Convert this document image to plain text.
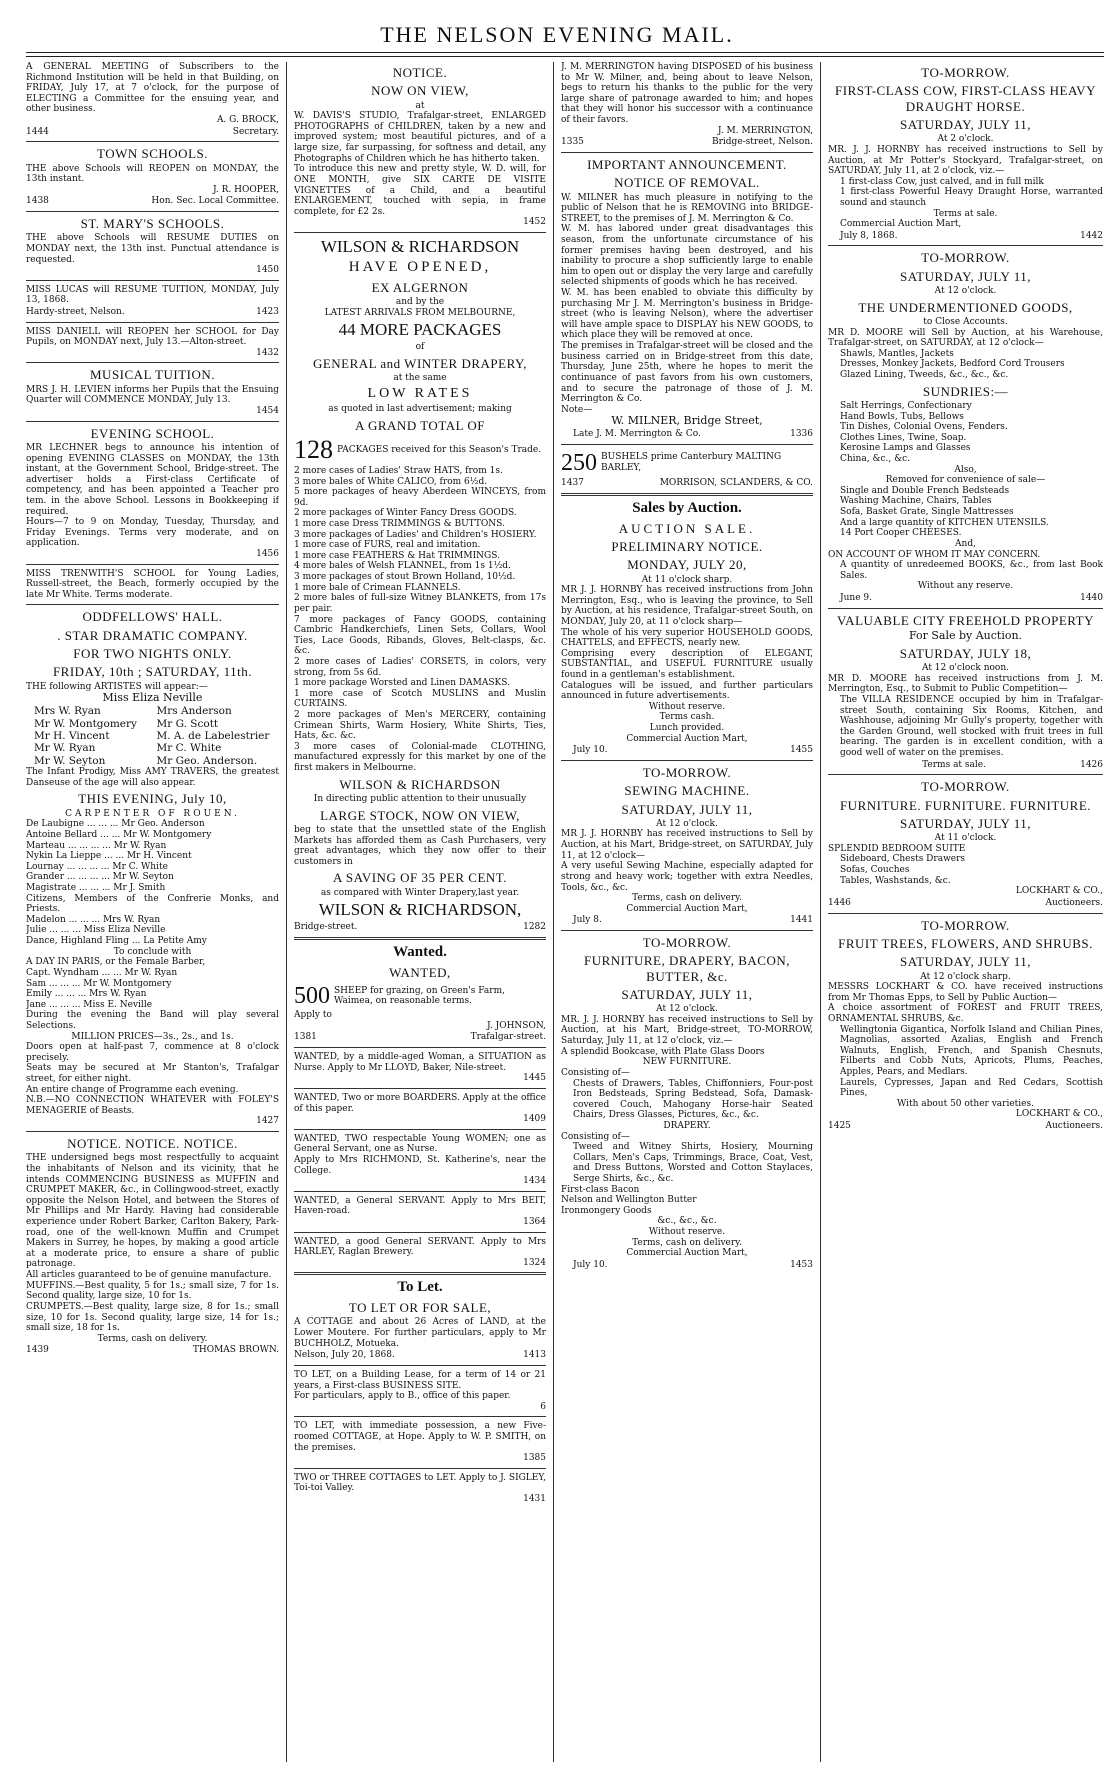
THE NELSON EVENING MAIL.

A GENERAL MEETING of Subscribers to the Richmond Institution will be held in that Building, on FRIDAY, July 17, at 7 o'clock, for the purpose of ELECTING a Committee for the ensuing year, and other business.

A. G. BROCK,

1444	Secretary.
TOWN SCHOOLS.

THE above Schools will REOPEN on MONDAY, the 13th instant.

J. R. HOOPER,

1438	Hon. Sec. Local Committee.
ST. MARY'S SCHOOLS.

THE above Schools will RESUME DUTIES on MONDAY next, the 13th inst. Punctual attendance is requested.

1450

MISS LUCAS will RESUME TUITION, MONDAY, July 13, 1868.

Hardy-street, Nelson.	1423

MISS DANIELL will REOPEN her SCHOOL for Day Pupils, on MONDAY next, July 13.—Alton-street.

1432

MUSICAL TUITION.

MRS J. H. LEVIEN informs her Pupils that the Ensuing Quarter will COMMENCE MONDAY, July 13.

1454

EVENING SCHOOL.

MR LECHNER begs to announce his intention of opening EVENING CLASSES on MONDAY, the 13th instant, at the Government School, Bridge-street. The advertiser holds a First-class Certificate of competency, and has been appointed a Teacher pro tem. in the above School. Lessons in Bookkeeping if required.

Hours—7 to 9 on Monday, Tuesday, Thursday, and Friday Evenings. Terms very moderate, and on application.

1456

MISS TRENWITH'S SCHOOL for Young Ladies, Russell-street, the Beach, formerly occupied by the late Mr White. Terms moderate.

ODDFELLOWS' HALL.
. STAR DRAMATIC COMPANY.
FOR TWO NIGHTS ONLY.
FRIDAY, 10th ; SATURDAY, 11th.

THE following ARTISTES will appear:—

Miss Eliza Neville

Mrs W. Ryan	Mrs Anderson
Mr W. Montgomery	Mr G. Scott
Mr H. Vincent	M. A. de Labelestrier
Mr W. Ryan	Mr C. White
Mr W. Seyton	Mr Geo. Anderson.

The Infant Prodigy, Miss AMY TRAVERS, the greatest Danseuse of the age will also appear.

THIS EVENING, July 10,

CARPENTER OF ROUEN.

De Laubigne ... ... ... Mr Geo. Anderson

Antoine Bellard ... ... Mr W. Montgomery

Marteau ... ... ... ... Mr W. Ryan

Nykin La Lieppe ... ... Mr H. Vincent

Lournay ... ... ... ... Mr C. White

Grander ... ... ... ... Mr W. Seyton

Magistrate ... ... ... Mr J. Smith

Citizens, Members of the Confrerie Monks, and Priests.

Madelon ... ... ... Mrs W. Ryan

Julie ... ... ... Miss Eliza Neville

Dance, Highland Fling ... La Petite Amy

To conclude with

A DAY IN PARIS, or the Female Barber,

Capt. Wyndham ... ... Mr W. Ryan

Sam ... ... ... Mr W. Montgomery

Emily ... ... ... Mrs W. Ryan

Jane ... ... ... Miss E. Neville

During the evening the Band will play several Selections.

MILLION PRICES—3s., 2s., and 1s.

Doors open at half-past 7, commence at 8 o'clock precisely.

Seats may be secured at Mr Stanton's, Trafalgar street, for either night.

An entire change of Programme each evening.

N.B.—NO CONNECTION WHATEVER with FOLEY'S MENAGERIE of Beasts.

1427

NOTICE. NOTICE. NOTICE.

THE undersigned begs most respectfully to acquaint the inhabitants of Nelson and its vicinity, that he intends COMMENCING BUSINESS as MUFFIN and CRUMPET MAKER, &c., in Collingwood-street, exactly opposite the Nelson Hotel, and between the Stores of Mr Phillips and Mr Hardy. Having had considerable experience under Robert Barker, Carlton Bakery, Park-road, one of the well-known Muffin and Crumpet Makers in Surrey, he hopes, by making a good article at a moderate price, to ensure a share of public patronage.

All articles guaranteed to be of genuine manufacture.

MUFFINS.—Best quality, 5 for 1s.; small size, 7 for 1s. Second quality, large size, 10 for 1s.

CRUMPETS.—Best quality, large size, 8 for 1s.; small size, 10 for 1s. Second quality, large size, 14 for 1s.; small size, 18 for 1s.

Terms, cash on delivery.

1439	THOMAS BROWN.
NOTICE.
NOW ON VIEW,

at

W. DAVIS'S STUDIO, Trafalgar-street, ENLARGED PHOTOGRAPHS of CHILDREN, taken by a new and improved system; most beautiful pictures, and of a large size, far surpassing, for softness and detail, any Photographs of Children which he has hitherto taken.

To introduce this new and pretty style, W. D. will, for ONE MONTH, give SIX CARTE DE VISITE VIGNETTES of a Child, and a beautiful ENLARGEMENT, touched with sepia, in frame complete, for £2 2s.

1452

WILSON & RICHARDSON
HAVE OPENED,
EX ALGERNON

and by the

LATEST ARRIVALS FROM MELBOURNE,

44 MORE PACKAGES

of

GENERAL and WINTER DRAPERY,

at the same

LOW RATES

as quoted in last advertisement; making

A GRAND TOTAL OF
128 PACKAGES received for this Season's Trade.

2 more cases of Ladies' Straw HATS, from 1s.

3 more bales of White CALICO, from 6½d.

5 more packages of heavy Aberdeen WINCEYS, from 9d.

2 more packages of Winter Fancy Dress GOODS.

1 more case Dress TRIMMINGS & BUTTONS.

3 more packages of Ladies' and Children's HOSIERY.

1 more case of FURS, real and imitation.

1 more case FEATHERS & Hat TRIMMINGS.

4 more bales of Welsh FLANNEL, from 1s 1½d.

3 more packages of stout Brown Holland, 10½d.

1 more bale of Crimean FLANNELS.

2 more bales of full-size Witney BLANKETS, from 17s per pair.

7 more packages of Fancy GOODS, containing Cambric Handkerchiefs, Linen Sets, Collars, Wool Ties, Lace Goods, Ribands, Gloves, Belt-clasps, &c. &c.

2 more cases of Ladies' CORSETS, in colors, very strong, from 5s 6d.

1 more package Worsted and Linen DAMASKS.

1 more case of Scotch MUSLINS and Muslin CURTAINS.

2 more packages of Men's MERCERY, containing Crimean Shirts, Warm Hosiery, White Shirts, Ties, Hats, &c. &c.

3 more cases of Colonial-made CLOTHING, manufactured expressly for this market by one of the first makers in Melbourne.

WILSON & RICHARDSON

In directing public attention to their unusually

LARGE STOCK, NOW ON VIEW,

beg to state that the unsettled state of the English Markets has afforded them as Cash Purchasers, very great advantages, which they now offer to their customers in

A SAVING OF 35 PER CENT.

as compared with Winter Drapery,last year.

WILSON & RICHARDSON,
Bridge-street.	1282
Wanted.
WANTED,
500 SHEEP for grazing, on Green's Farm, Waimea, on reasonable terms.

Apply to

J. JOHNSON,

1381	Trafalgar-street.

WANTED, by a middle-aged Woman, a SITUATION as Nurse. Apply to Mr LLOYD, Baker, Nile-street.

1445

WANTED, Two or more BOARDERS. Apply at the office of this paper.

1409

WANTED, TWO respectable Young WOMEN; one as General Servant, one as Nurse.

Apply to Mrs RICHMOND, St. Katherine's, near the College.

1434

WANTED, a General SERVANT. Apply to Mrs BEIT, Haven-road.

1364

WANTED, a good General SERVANT. Apply to Mrs HARLEY, Raglan Brewery.

1324

To Let.
TO LET OR FOR SALE,

A COTTAGE and about 26 Acres of LAND, at the Lower Moutere. For further particulars, apply to Mr BUCHHOLZ, Motueka.

Nelson, July 20, 1868.	1413

TO LET, on a Building Lease, for a term of 14 or 21 years, a First-class BUSINESS SITE.

For particulars, apply to B., office of this paper.

6

TO LET, with immediate possession, a new Five-roomed COTTAGE, at Hope. Apply to W. P. SMITH, on the premises.

1385

TWO or THREE COTTAGES to LET. Apply to J. SIGLEY, Toi-toi Valley.

1431

J. M. MERRINGTON having DISPOSED of his business to Mr W. Milner, and, being about to leave Nelson, begs to return his thanks to the public for the very large share of patronage awarded to him; and hopes that they will honor his successor with a continuance of their favors.

J. M. MERRINGTON,

1335	Bridge-street, Nelson.
IMPORTANT ANNOUNCEMENT.
NOTICE OF REMOVAL.

W. MILNER has much pleasure in notifying to the public of Nelson that he is REMOVING into BRIDGE-STREET, to the premises of J. M. Merrington & Co.

W. M. has labored under great disadvantages this season, from the unfortunate circumstance of his former premises having been destroyed, and his inability to procure a shop sufficiently large to enable him to open out or display the very large and carefully selected shipments of goods which he has received.

W. M. has been enabled to obviate this difficulty by purchasing Mr J. M. Merrington's business in Bridge-street (who is leaving Nelson), where the advertiser will have ample space to DISPLAY his NEW GOODS, to which place they will be removed at once.

The premises in Trafalgar-street will be closed and the business carried on in Bridge-street from this date, Thursday, June 25th, where he hopes to merit the continuance of past favors from his own customers, and to secure the patronage of those of J. M. Merrington & Co.

Note—

W. MILNER, Bridge Street,

Late J. M. Merrington & Co.	1336
250 BUSHELS prime Canterbury MALTING BARLEY,
1437	MORRISON, SCLANDERS, & CO.
Sales by Auction.
AUCTION SALE.
PRELIMINARY NOTICE.
MONDAY, JULY 20,

At 11 o'clock sharp.

MR J. J. HORNBY has received instructions from John Merrington, Esq., who is leaving the province, to Sell by Auction, at his residence, Trafalgar-street South, on MONDAY, July 20, at 11 o'clock sharp—

The whole of his very superior HOUSEHOLD GOODS, CHATTELS, and EFFECTS, nearly new.

Comprising every description of ELEGANT, SUBSTANTIAL, and USEFUL FURNITURE usually found in a gentleman's establishment.

Catalogues will be issued, and further particulars announced in future advertisements.

Without reserve.

Terms cash.

Lunch provided.

Commercial Auction Mart,

July 10.	1455
TO-MORROW.
SEWING MACHINE.
SATURDAY, JULY 11,

At 12 o'clock.

MR J. J. HORNBY has received instructions to Sell by Auction, at his Mart, Bridge-street, on SATURDAY, July 11, at 12 o'clock—

A very useful Sewing Machine, especially adapted for strong and heavy work; together with extra Needles, Tools, &c., &c.

Terms, cash on delivery.

Commercial Auction Mart,

July 8.	1441
TO-MORROW.
FURNITURE, DRAPERY, BACON, BUTTER, &c.
SATURDAY, JULY 11,

At 12 o'clock.

MR. J. J. HORNBY has received instructions to Sell by Auction, at his Mart, Bridge-street, TO-MORROW, Saturday, July 11, at 12 o'clock, viz.—

A splendid Bookcase, with Plate Glass Doors

NEW FURNITURE.

Consisting of—

Chests of Drawers, Tables, Chiffonniers, Four-post Iron Bedsteads, Spring Bedstead, Sofa, Damask-covered Couch, Mahogany Horse-hair Seated Chairs, Dress Glasses, Pictures, &c., &c.

DRAPERY.

Consisting of—

Tweed and Witney Shirts, Hosiery, Mourning Collars, Men's Caps, Trimmings, Brace, Coat, Vest, and Dress Buttons, Worsted and Cotton Staylaces, Serge Shirts, &c., &c.

First-class Bacon

Nelson and Wellington Butter

Ironmongery Goods

&c., &c., &c.

Without reserve.

Terms, cash on delivery.

Commercial Auction Mart,

July 10.	1453
TO-MORROW.
FIRST-CLASS COW, FIRST-CLASS HEAVY DRAUGHT HORSE.
SATURDAY, JULY 11,

At 2 o'clock.

MR. J. J. HORNBY has received instructions to Sell by Auction, at Mr Potter's Stockyard, Trafalgar-street, on SATURDAY, July 11, at 2 o'clock, viz.—

1 first-class Cow, just calved, and in full milk

1 first-class Powerful Heavy Draught Horse, warranted sound and staunch

Terms at sale.

Commercial Auction Mart,

July 8, 1868.	1442
TO-MORROW.
SATURDAY, JULY 11,

At 12 o'clock.

THE UNDERMENTIONED GOODS,

to Close Accounts.

MR D. MOORE will Sell by Auction, at his Warehouse, Trafalgar-street, on SATURDAY, at 12 o'clock—

Shawls, Mantles, Jackets

Dresses, Monkey Jackets, Bedford Cord Trousers

Glazed Lining, Tweeds, &c., &c., &c.

SUNDRIES:—

Salt Herrings, Confectionary

Hand Bowls, Tubs, Bellows

Tin Dishes, Colonial Ovens, Fenders.

Clothes Lines, Twine, Soap.

Kerosine Lamps and Glasses

China, &c., &c.

Also,

Removed for convenience of sale—

Single and Double French Bedsteads

Washing Machine, Chairs, Tables

Sofa, Basket Grate, Single Mattresses

And a large quantity of KITCHEN UTENSILS.

14 Port Cooper CHEESES.

And,

ON ACCOUNT OF WHOM IT MAY CONCERN.

A quantity of unredeemed BOOKS, &c., from last Book Sales.

Without any reserve.

June 9.	1440
VALUABLE CITY FREEHOLD PROPERTY

For Sale by Auction.

SATURDAY, JULY 18,

At 12 o'clock noon.

MR D. MOORE has received instructions from J. M. Merrington, Esq., to Submit to Public Competition—

The VILLA RESIDENCE occupied by him in Trafalgar-street South, containing Six Rooms, Kitchen, and Washhouse, adjoining Mr Gully's property, together with the Garden Ground, well stocked with fruit trees in full bearing. The garden is in excellent condition, with a good well of water on the premises.

Terms at sale.	1426
TO-MORROW.
FURNITURE. FURNITURE. FURNITURE.
SATURDAY, JULY 11,

At 11 o'clock.

SPLENDID BEDROOM SUITE

Sideboard, Chests Drawers

Sofas, Couches

Tables, Washstands, &c.

LOCKHART & CO.,

1446	Auctioneers.
TO-MORROW.
FRUIT TREES, FLOWERS, AND SHRUBS.
SATURDAY, JULY 11,

At 12 o'clock sharp.

MESSRS LOCKHART & CO. have received instructions from Mr Thomas Epps, to Sell by Public Auction—

A choice assortment of FOREST and FRUIT TREES, ORNAMENTAL SHRUBS, &c.

Wellingtonia Gigantica, Norfolk Island and Chilian Pines, Magnolias, assorted Azalias, English and French Walnuts, English, French, and Spanish Chesnuts, Filberts and Cobb Nuts, Apricots, Plums, Peaches, Apples, Pears, and Medlars.

Laurels, Cypresses, Japan and Red Cedars, Scottish Pines,

With about 50 other varieties.

LOCKHART & CO.,

1425	Auctioneers.
